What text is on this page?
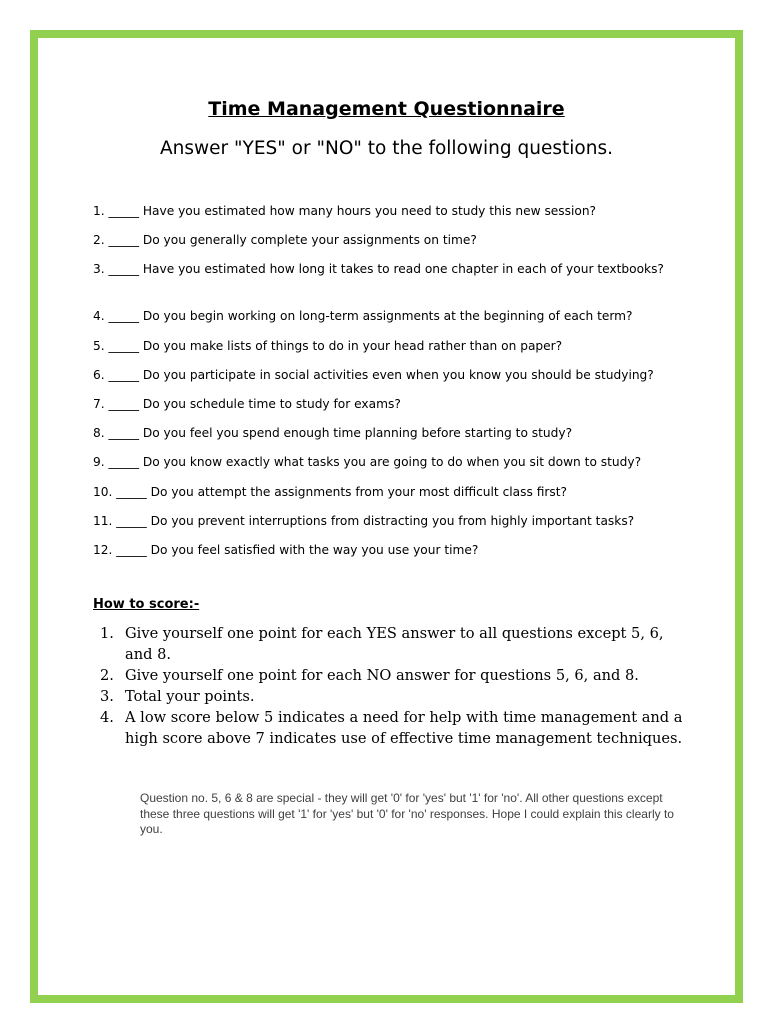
Time Management Questionnaire
Answer "YES" or "NO" to the following questions.
1. _____ Have you estimated how many hours you need to study this new session?
2. _____ Do you generally complete your assignments on time?
3. _____ Have you estimated how long it takes to read one chapter in each of your textbooks?
4. _____ Do you begin working on long-term assignments at the beginning of each term?
5. _____ Do you make lists of things to do in your head rather than on paper?
6. _____ Do you participate in social activities even when you know you should be studying?
7. _____ Do you schedule time to study for exams?
8. _____ Do you feel you spend enough time planning before starting to study?
9. _____ Do you know exactly what tasks you are going to do when you sit down to study?
10. _____ Do you attempt the assignments from your most difficult class first?
11. _____ Do you prevent interruptions from distracting you from highly important tasks?
12. _____ Do you feel satisfied with the way you use your time?
How to score:-
1. Give yourself one point for each YES answer to all questions except 5, 6, and 8.
2. Give yourself one point for each NO answer for questions 5, 6, and 8.
3. Total your points.
4. A low score below 5 indicates a need for help with time management and a high score above 7 indicates use of effective time management techniques.
Question no. 5, 6 & 8 are special - they will get '0' for 'yes' but '1' for 'no'. All other questions except these three questions will get '1' for 'yes' but '0' for 'no' responses. Hope I could explain this clearly to you.
